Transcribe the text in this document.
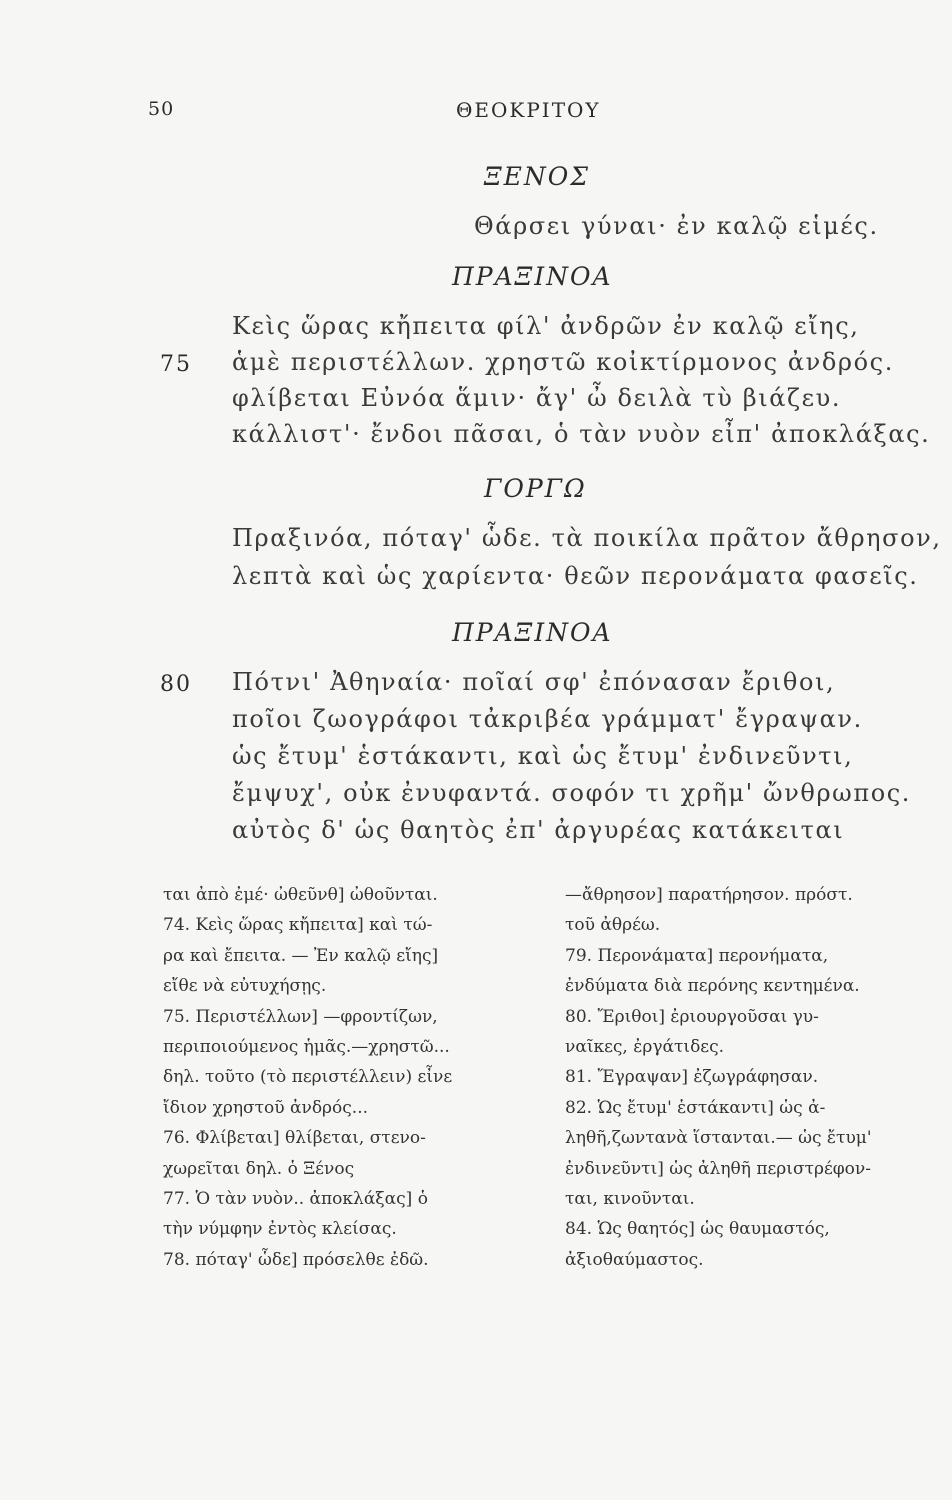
50	ΘΕΟΚΡΙΤΟΥ
ΞΕΝΟΣ
Θάρσει γύναι· ἐν καλῷ εἱμές.
ΠΡΑΞΙΝΟΑ
Κεὶς ὥρας κἤπειτα φίλ' ἀνδρῶν ἐν καλῷ εἴης,
75 ἁμὲ περιστέλλων. χρηστῶ κοἰκτίρμονος ἀνδρός.
φλίβεται Εὐνόα ἅμιν· ἄγ' ὦ δειλὰ τὺ βιάζευ.
κάλλιστ'· ἔνδοι πᾶσαι, ὁ τὰν νυὸν εἶπ' ἀποκλάξας.
ΓΟΡΓΩ
Πραξινόα, πόταγ' ὧδε. τὰ ποικίλα πρᾶτον ἄθρησον,
λεπτὰ καὶ ὡς χαρίεντα· θεῶν περονάματα φασεῖς.
ΠΡΑΞΙΝΟΑ
80 Πότνι' Ἀθηναία· ποῖαί σφ' ἐπόνασαν ἔριθοι,
ποῖοι ζωογράφοι τἀκριβέα γράμματ' ἔγραψαν.
ὡς ἔτυμ' ἑστάκαντι, καὶ ὡς ἔτυμ' ἐνδινεῦντι,
ἔμψυχ', οὐκ ἐνυφαντά. σοφόν τι χρῆμ' ὤνθρωπος.
αὐτὸς δ' ὡς θαητὸς ἐπ' ἀργυρέας κατάκειται
ται ἀπὸ ἐμέ· ὠθεῦνθ] ὠθοῦνται.
74. Κεὶς ὥρας κἤπειτα] καὶ τώ-
ρα καὶ ἔπειτα. — Ἐν καλῷ εἴης]
εἴθε νὰ εὐτυχήσῃς.
75. Περιστέλλων] —φροντίζων,
περιποιούμενος ἡμᾶς.—χρηστῶ...
δηλ. τοῦτο (τὸ περιστέλλειν) εἶνε
ἴδιον χρηστοῦ ἀνδρός...
76. Φλίβεται] θλίβεται, στενο-
χωρεῖται δηλ. ὁ Ξένος
77. Ὁ τὰν νυὸν.. ἀποκλάξας] ὁ
τὴν νύμφην ἐντὸς κλείσας.
78. πόταγ' ὧδε] πρόσελθε ἐδῶ.
—ἄθρησον] παρατήρησον. πρόστ.
τοῦ ἀθρέω.
79. Περονάματα] περονήματα,
ἐνδύματα διὰ περόνης κεντημένα.
80. Ἔριθοι] ἐριουργοῦσαι γυ-
ναῖκες, ἐργάτιδες.
81. Ἔγραψαν] ἐζωγράφησαν.
82. Ὡς ἔτυμ' ἑστάκαντι] ὡς ἀ-
ληθῆ,ζωντανὰ ἵστανται.— ὡς ἔτυμ'
ἐνδινεῦντι] ὡς ἀληθῆ περιστρέφον-
ται, κινοῦνται.
84. Ὡς θαητός] ὡς θαυμαστός,
ἀξιοθαύμαστος.
